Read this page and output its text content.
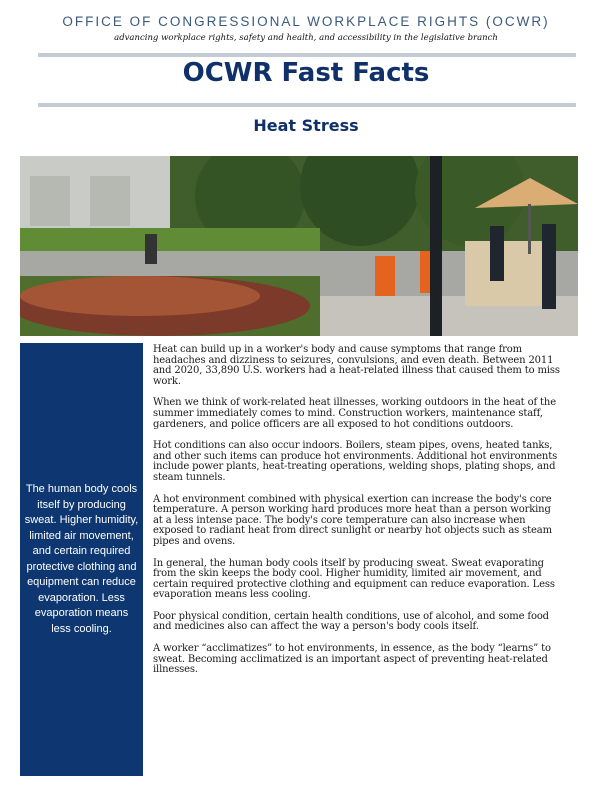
OFFICE OF CONGRESSIONAL WORKPLACE RIGHTS (OCWR)
advancing workplace rights, safety and health, and accessibility in the legislative branch
OCWR Fast Facts
Heat Stress
The human body cools itself by producing sweat. Higher humidity, limited air movement, and certain required protective clothing and equipment can reduce evaporation. Less evaporation means less cooling.

Heat can build up in a worker's body and cause symptoms that range from headaches and dizziness to seizures, convulsions, and even death. Between 2011 and 2020, 33,890 U.S. workers had a heat-related illness that caused them to miss work.

When we think of work-related heat illnesses, working outdoors in the heat of the summer immediately comes to mind. Construction workers, maintenance staff, gardeners, and police officers are all exposed to hot conditions outdoors.

Hot conditions can also occur indoors. Boilers, steam pipes, ovens, heated tanks, and other such items can produce hot environments. Additional hot environments include power plants, heat-treating operations, welding shops, plating shops, and steam tunnels.

A hot environment combined with physical exertion can increase the body's core temperature. A person working hard produces more heat than a person working at a less intense pace. The body's core temperature can also increase when exposed to radiant heat from direct sunlight or nearby hot objects such as steam pipes and ovens.

In general, the human body cools itself by producing sweat. Sweat evaporating from the skin keeps the body cool. Higher humidity, limited air movement, and certain required protective clothing and equipment can reduce evaporation. Less evaporation means less cooling.

Poor physical condition, certain health conditions, use of alcohol, and some food and medicines also can affect the way a person's body cools itself.

A worker “acclimatizes” to hot environments, in essence, as the body “learns” to sweat. Becoming acclimatized is an important aspect of preventing heat-related illnesses.
